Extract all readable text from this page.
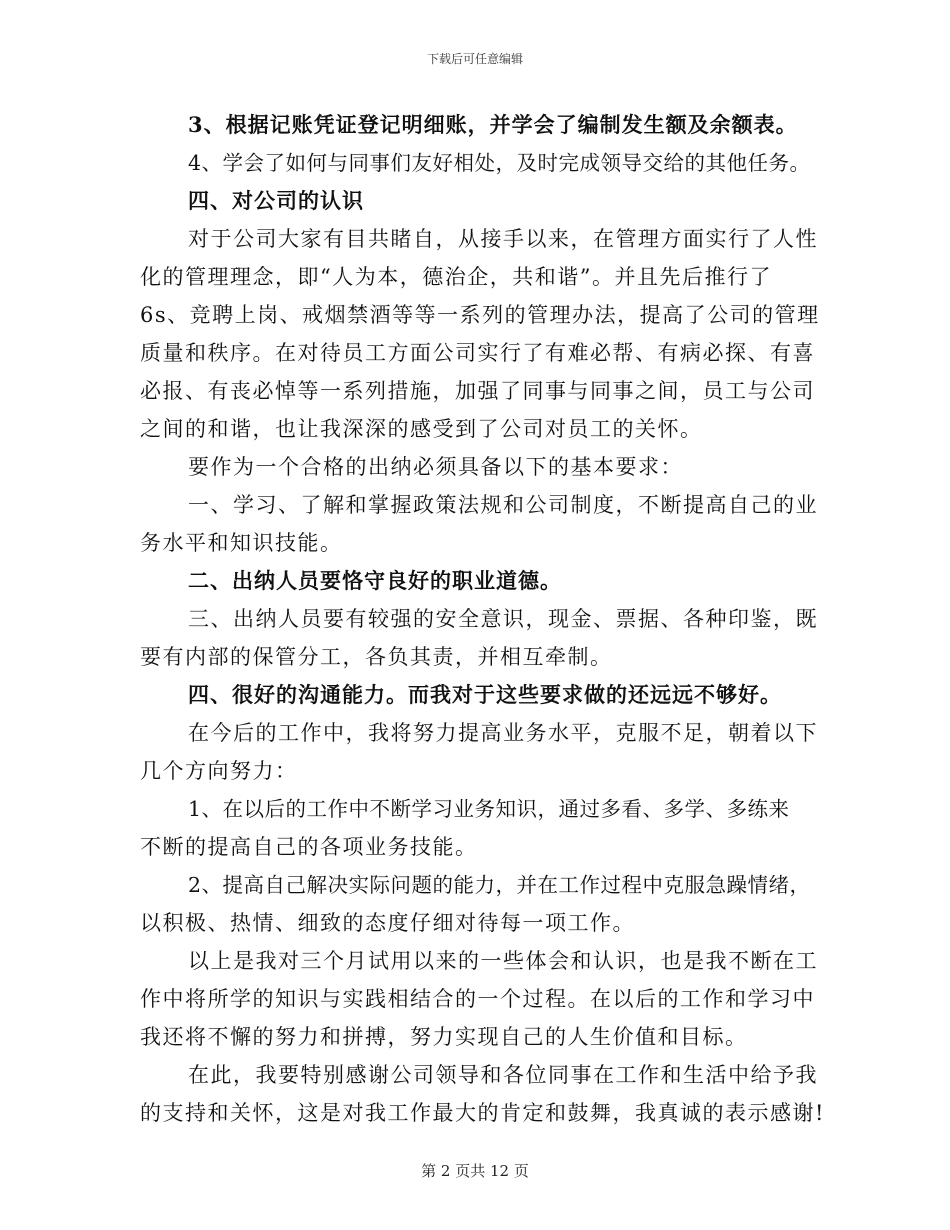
下载后可任意编辑
3、根据记账凭证登记明细账，并学会了编制发生额及余额表。
4、学会了如何与同事们友好相处，及时完成领导交给的其他任务。
四、对公司的认识
对于公司大家有目共睹自，从接手以来，在管理方面实行了人性
化的管理理念，即“人为本，德治企，共和谐”。并且先后推行了
6s、竞聘上岗、戒烟禁酒等等一系列的管理办法，提高了公司的管理
质量和秩序。在对待员工方面公司实行了有难必帮、有病必探、有喜
必报、有丧必悼等一系列措施，加强了同事与同事之间，员工与公司
之间的和谐，也让我深深的感受到了公司对员工的关怀。
要作为一个合格的出纳必须具备以下的基本要求：
一、学习、了解和掌握政策法规和公司制度，不断提高自己的业
务水平和知识技能。
二、出纳人员要恪守良好的职业道德。
三、出纳人员要有较强的安全意识，现金、票据、各种印鉴，既
要有内部的保管分工，各负其责，并相互牵制。
四、很好的沟通能力。而我对于这些要求做的还远远不够好。
在今后的工作中，我将努力提高业务水平，克服不足，朝着以下
几个方向努力：
1、在以后的工作中不断学习业务知识，通过多看、多学、多练来
不断的提高自己的各项业务技能。
2、提高自己解决实际问题的能力，并在工作过程中克服急躁情绪，
以积极、热情、细致的态度仔细对待每一项工作。
以上是我对三个月试用以来的一些体会和认识，也是我不断在工
作中将所学的知识与实践相结合的一个过程。在以后的工作和学习中
我还将不懈的努力和拼搏，努力实现自己的人生价值和目标。
在此，我要特别感谢公司领导和各位同事在工作和生活中给予我
的支持和关怀，这是对我工作最大的肯定和鼓舞，我真诚的表示感谢!
第 2 页共 12 页
